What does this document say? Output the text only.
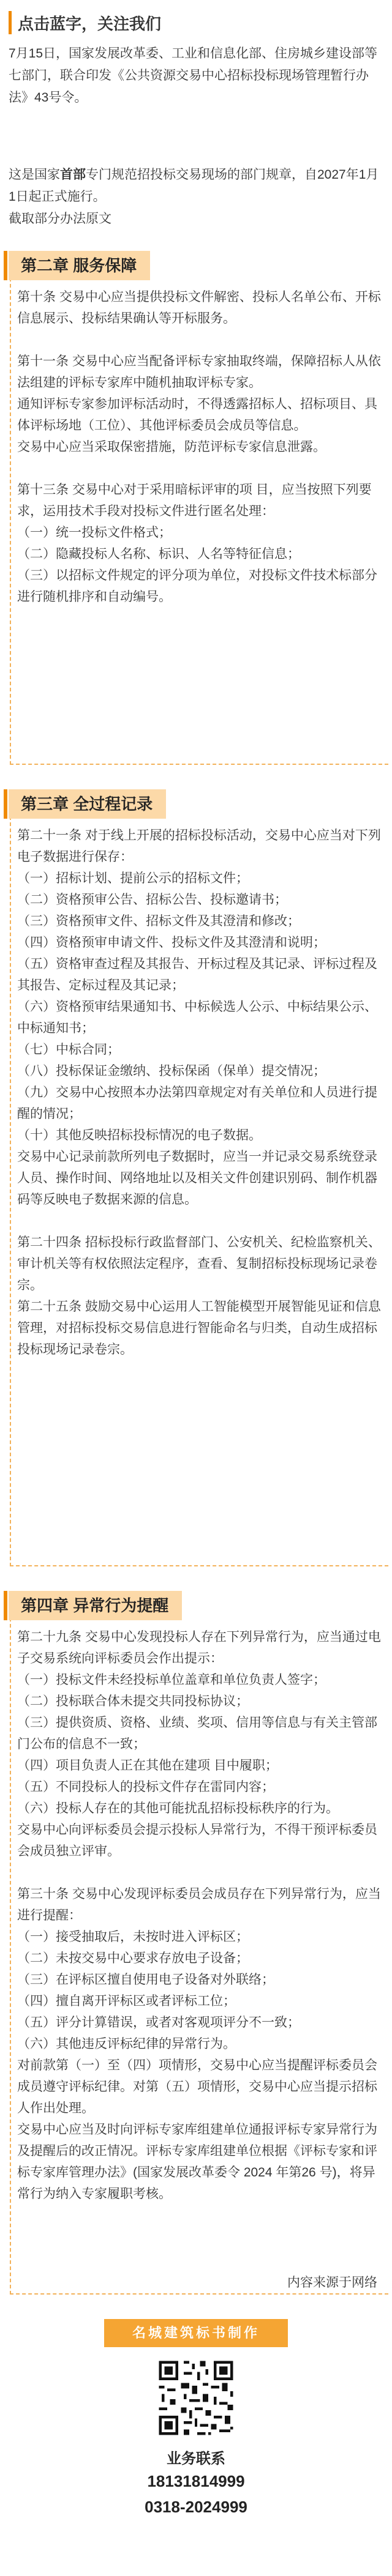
点击蓝字，关注我们
7月15日，国家发展改革委、工业和信息化部、住房城乡建设部等七部门，联合印发《公共资源交易中心招标投标现场管理暂行办法》43号令。
这是国家首部专门规范招投标交易现场的部门规章，自2027年1月1日起正式施行。
截取部分办法原文
第二章 服务保障
第十条 交易中心应当提供投标文件解密、投标人名单公布、开标信息展示、投标结果确认等开标服务。
第十一条 交易中心应当配备评标专家抽取终端，保障招标人从依法组建的评标专家库中随机抽取评标专家。
通知评标专家参加评标活动时，不得透露招标人、招标项目、具体评标场地（工位）、其他评标委员会成员等信息。
交易中心应当采取保密措施，防范评标专家信息泄露。
第十三条 交易中心对于采用暗标评审的项 目，应当按照下列要求，运用技术手段对投标文件进行匿名处理：
（一）统一投标文件格式；
（二）隐藏投标人名称、标识、人名等特征信息；
（三）以招标文件规定的评分项为单位，对投标文件技术标部分进行随机排序和自动编号。
第三章 全过程记录
第二十一条 对于线上开展的招标投标活动，交易中心应当对下列电子数据进行保存：
（一）招标计划、提前公示的招标文件；
（二）资格预审公告、招标公告、投标邀请书；
（三）资格预审文件、招标文件及其澄清和修改；
（四）资格预审申请文件、投标文件及其澄清和说明；
（五）资格审查过程及其报告、开标过程及其记录、评标过程及其报告、定标过程及其记录；
（六）资格预审结果通知书、中标候选人公示、中标结果公示、中标通知书；
（七）中标合同；
（八）投标保证金缴纳、投标保函（保单）提交情况；
（九）交易中心按照本办法第四章规定对有关单位和人员进行提醒的情况；
（十）其他反映招标投标情况的电子数据。
交易中心记录前款所列电子数据时，应当一并记录交易系统登录人员、操作时间、网络地址以及相关文件创建识别码、制作机器码等反映电子数据来源的信息。
第二十四条 招标投标行政监督部门、公安机关、纪检监察机关、审计机关等有权依照法定程序，查看、复制招标投标现场记录卷宗。
第二十五条 鼓励交易中心运用人工智能模型开展智能见证和信息管理，对招标投标交易信息进行智能命名与归类，自动生成招标投标现场记录卷宗。
第四章 异常行为提醒
第二十九条 交易中心发现投标人存在下列异常行为，应当通过电子交易系统向评标委员会作出提示：
（一）投标文件未经投标单位盖章和单位负责人签字；
（二）投标联合体未提交共同投标协议；
（三）提供资质、资格、业绩、奖项、信用等信息与有关主管部门公布的信息不一致；
（四）项目负责人正在其他在建项 目中履职；
（五）不同投标人的投标文件存在雷同内容；
（六）投标人存在的其他可能扰乱招标投标秩序的行为。
交易中心向评标委员会提示投标人异常行为，不得干预评标委员会成员独立评审。
第三十条 交易中心发现评标委员会成员存在下列异常行为，应当进行提醒：
（一）接受抽取后，未按时进入评标区；
（二）未按交易中心要求存放电子设备；
（三）在评标区擅自使用电子设备对外联络；
（四）擅自离开评标区或者评标工位；
（五）评分计算错误，或者对客观项评分不一致；
（六）其他违反评标纪律的异常行为。
对前款第（一）至（四）项情形，交易中心应当提醒评标委员会成员遵守评标纪律。对第（五）项情形，交易中心应当提示招标人作出处理。
交易中心应当及时向评标专家库组建单位通报评标专家异常行为及提醒后的改正情况。评标专家库组建单位根据《评标专家和评标专家库管理办法》(国家发展改革委令 2024 年第26 号)，将异常行为纳入专家履职考核。
内容来源于网络
名城建筑标书制作
业务联系
18131814999
0318-2024999
